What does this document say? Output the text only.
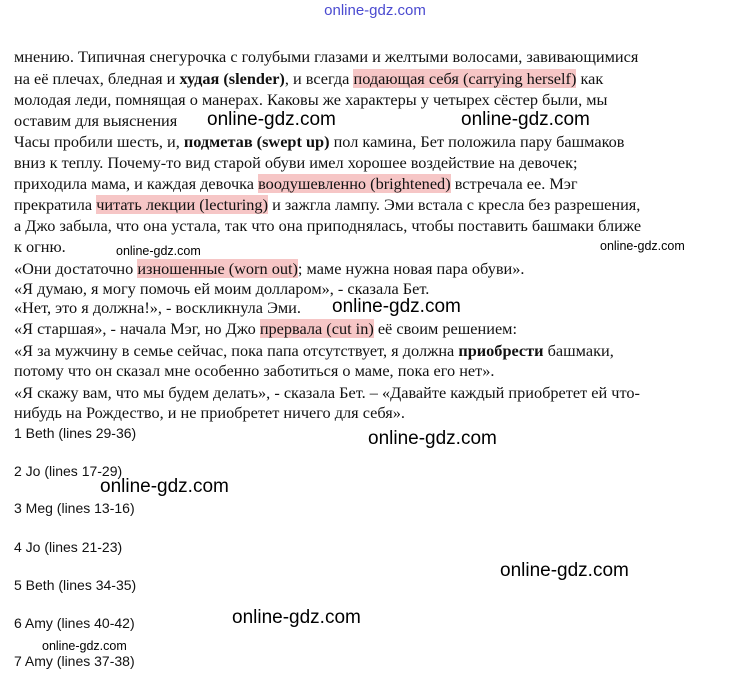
online-gdz.com
мнению. Типичная снегурочка с голубыми глазами и желтыми волосами, завивающимися
на её плечах, бледная и худая (slender), и всегда подающая себя (carrying herself) как
молодая леди, помнящая о манерах. Каковы же характеры у четырех сёстер были, мы
оставим для выяснения
Часы пробили шесть, и, подметав (swept up) пол камина, Бет положила пару башмаков
вниз к теплу. Почему-то вид старой обуви имел хорошее воздействие на девочек;
приходила мама, и каждая девочка воодушевленно (brightened) встречала ее. Мэг
прекратила читать лекции (lecturing) и зажгла лампу. Эми встала с кресла без разрешения,
а Джо забыла, что она устала, так что она приподнялась, чтобы поставить башмаки ближе
к огню.
«Они достаточно изношенные (worn out); маме нужна новая пара обуви».
«Я думаю, я могу помочь ей моим долларом», - сказала Бет.
«Нет, это я должна!», - воскликнула Эми.
«Я старшая», - начала Мэг, но Джо прервала (cut in) её своим решением:
«Я за мужчину в семье сейчас, пока папа отсутствует, я должна приобрести башмаки,
потому что он сказал мне особенно заботиться о маме, пока его нет».
«Я скажу вам, что мы будем делать», - сказала Бет. – «Давайте каждый приобретет ей что-
нибудь на Рождество, и не приобретет ничего для себя».
1 Beth (lines 29-36)
2 Jo (lines 17-29)
3 Meg (lines 13-16)
4 Jo (lines 21-23)
5 Beth (lines 34-35)
6 Amy (lines 40-42)
7 Amy (lines 37-38)
online-gdz.com	online-gdz.com
online-gdz.com	online-gdz.com
online-gdz.com
online-gdz.com
online-gdz.com
online-gdz.com
online-gdz.com
online-gdz.com
